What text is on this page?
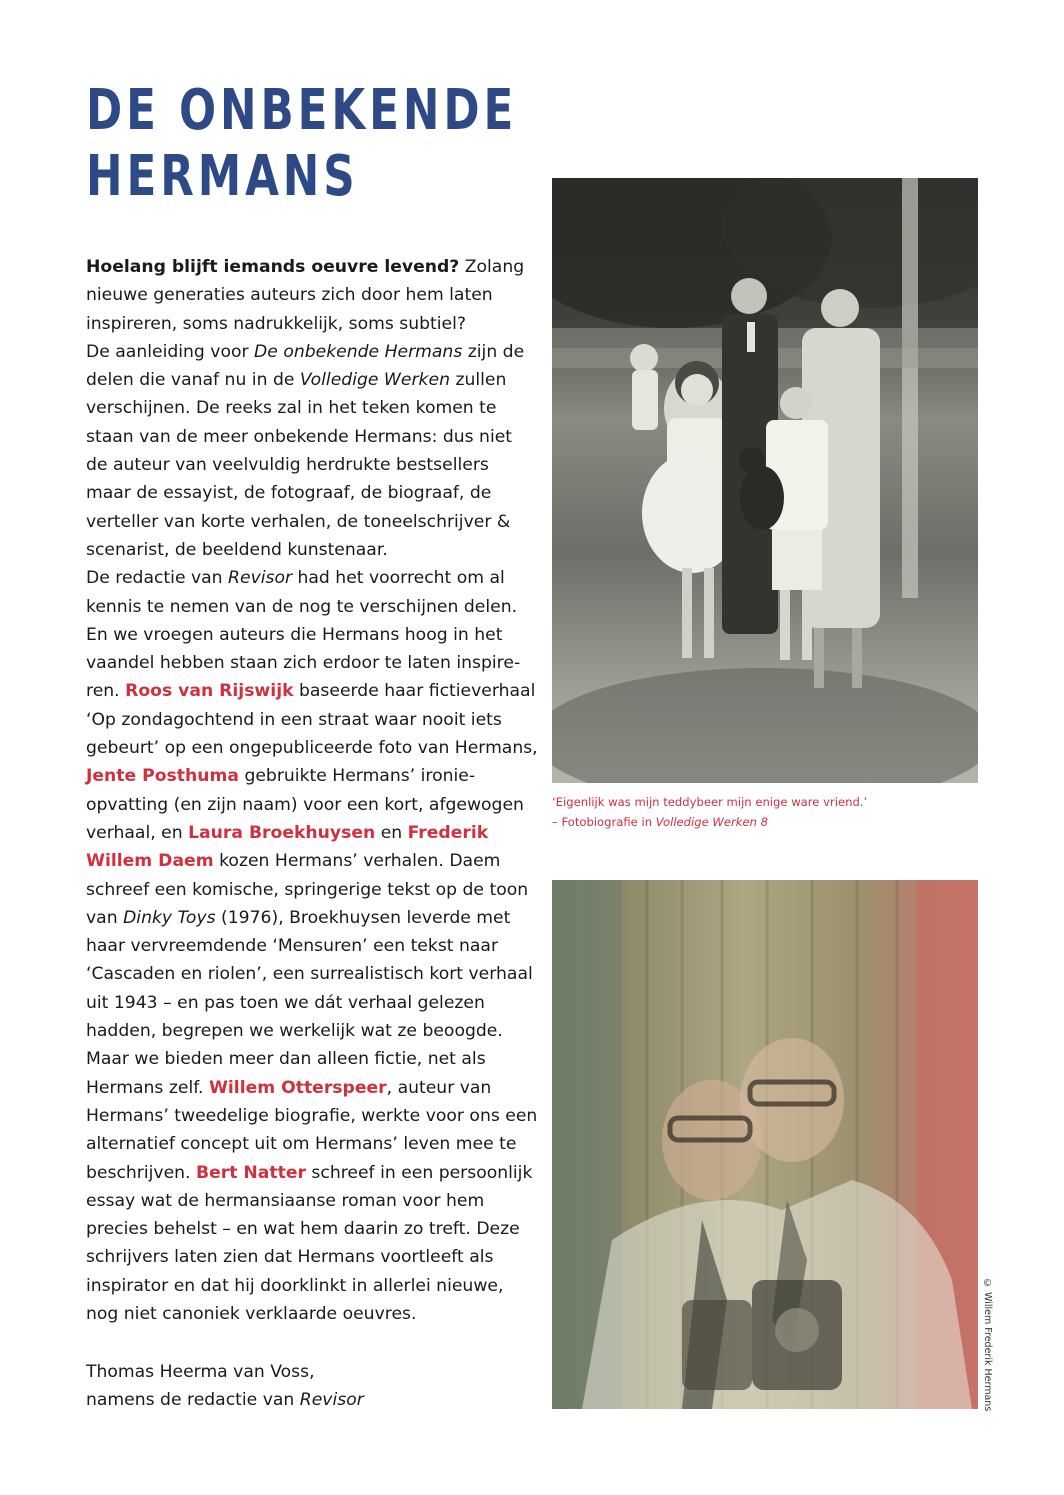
DE ONBEKENDE
HERMANS

Hoelang blijft iemands oeuvre levend? Zolang nieuwe generaties auteurs zich door hem laten inspireren, soms nadrukkelijk, soms subtiel?

De aanleiding voor De onbekende Hermans zijn de delen die vanaf nu in de Volledige Werken zullen verschijnen. De reeks zal in het teken komen te staan van de meer onbekende Hermans: dus niet de auteur van veelvuldig herdrukte bestsellers maar de essayist, de fotograaf, de biograaf, de verteller van korte verhalen, de toneelschrijver & scenarist, de beeldend kunstenaar.

De redactie van Revisor had het voorrecht om al kennis te nemen van de nog te verschijnen delen. En we vroegen auteurs die Hermans hoog in het vaandel hebben staan zich erdoor te laten inspireren. Roos van Rijswijk baseerde haar fictieverhaal ‘Op zondagochtend in een straat waar nooit iets gebeurt’ op een ongepubliceerde foto van Hermans, Jente Posthuma gebruikte Hermans’ ironie-opvatting (en zijn naam) voor een kort, afgewogen verhaal, en Laura Broekhuysen en Frederik Willem Daem kozen Hermans’ verhalen. Daem schreef een komische, springerige tekst op de toon van Dinky Toys (1976), Broekhuysen leverde met haar vervreemdende ‘Mensuren’ een tekst naar ‘Cascaden en riolen’, een surrealistisch kort verhaal uit 1943 – en pas toen we dát verhaal gelezen hadden, begrepen we werkelijk wat ze beoogde.

Maar we bieden meer dan alleen fictie, net als Hermans zelf. Willem Otterspeer, auteur van Hermans’ tweedelige biografie, werkte voor ons een alternatief concept uit om Hermans’ leven mee te beschrijven. Bert Natter schreef in een persoonlijk essay wat de hermansiaanse roman voor hem precies behelst – en wat hem daarin zo treft. Deze schrijvers laten zien dat Hermans voortleeft als inspirator en dat hij doorklinkt in allerlei nieuwe, nog niet canoniek verklaarde oeuvres.

Thomas Heerma van Voss,

namens de redactie van Revisor

‘Eigenlijk was mijn teddybeer mijn enige ware vriend.’

– Fotobiografie in Volledige Werken 8

© Willem Frederik Hermans
